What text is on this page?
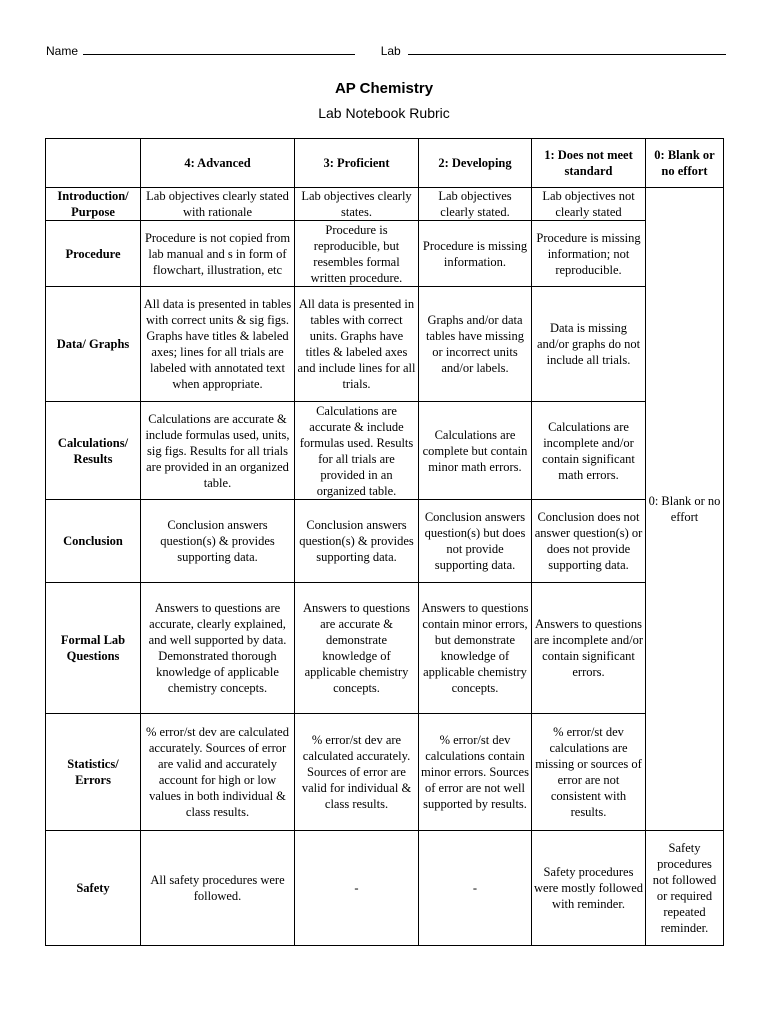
Name	Lab
AP Chemistry
Lab Notebook Rubric
	4: Advanced	3: Proficient	2: Developing	1: Does not meet standard	0: Blank or no effort
Introduction/ Purpose	Lab objectives clearly stated with rationale	Lab objectives clearly states.	Lab objectives clearly stated.	Lab objectives not clearly stated	0: Blank or no effort
Procedure	Procedure is not copied from lab manual and s in form of flowchart, illustration, etc	Procedure is reproducible, but resembles formal written procedure.	Procedure is missing information.	Procedure is missing information; not reproducible.	
Data/ Graphs	All data is presented in tables with correct units & sig figs. Graphs have titles & labeled axes; lines for all trials are labeled with annotated text when appropriate.	All data is presented in tables with correct units. Graphs have titles & labeled axes and include lines for all trials.	Graphs and/or data tables have missing or incorrect units and/or labels.	Data is missing and/or graphs do not include all trials.	
Calculations/ Results	Calculations are accurate & include formulas used, units, sig figs. Results for all trials are provided in an organized table.	Calculations are accurate & include formulas used. Results for all trials are provided in an organized table.	Calculations are complete but contain minor math errors.	Calculations are incomplete and/or contain significant math errors.	
Conclusion	Conclusion answers question(s) & provides supporting data.	Conclusion answers question(s) & provides supporting data.	Conclusion answers question(s) but does not provide supporting data.	Conclusion does not answer question(s) or does not provide supporting data.	
Formal Lab Questions	Answers to questions are accurate, clearly explained, and well supported by data. Demonstrated thorough knowledge of applicable chemistry concepts.	Answers to questions are accurate & demonstrate knowledge of applicable chemistry concepts.	Answers to questions contain minor errors, but demonstrate knowledge of applicable chemistry concepts.	Answers to questions are incomplete and/or contain significant errors.	
Statistics/ Errors	% error/st dev are calculated accurately. Sources of error are valid and accurately account for high or low values in both individual & class results.	% error/st dev are calculated accurately. Sources of error are valid for individual & class results.	% error/st dev calculations contain minor errors. Sources of error are not well supported by results.	% error/st dev calculations are missing or sources of error are not consistent with results.	
Safety	All safety procedures were followed.	-	-	Safety procedures were mostly followed with reminder.	Safety procedures not followed or required repeated reminder.
